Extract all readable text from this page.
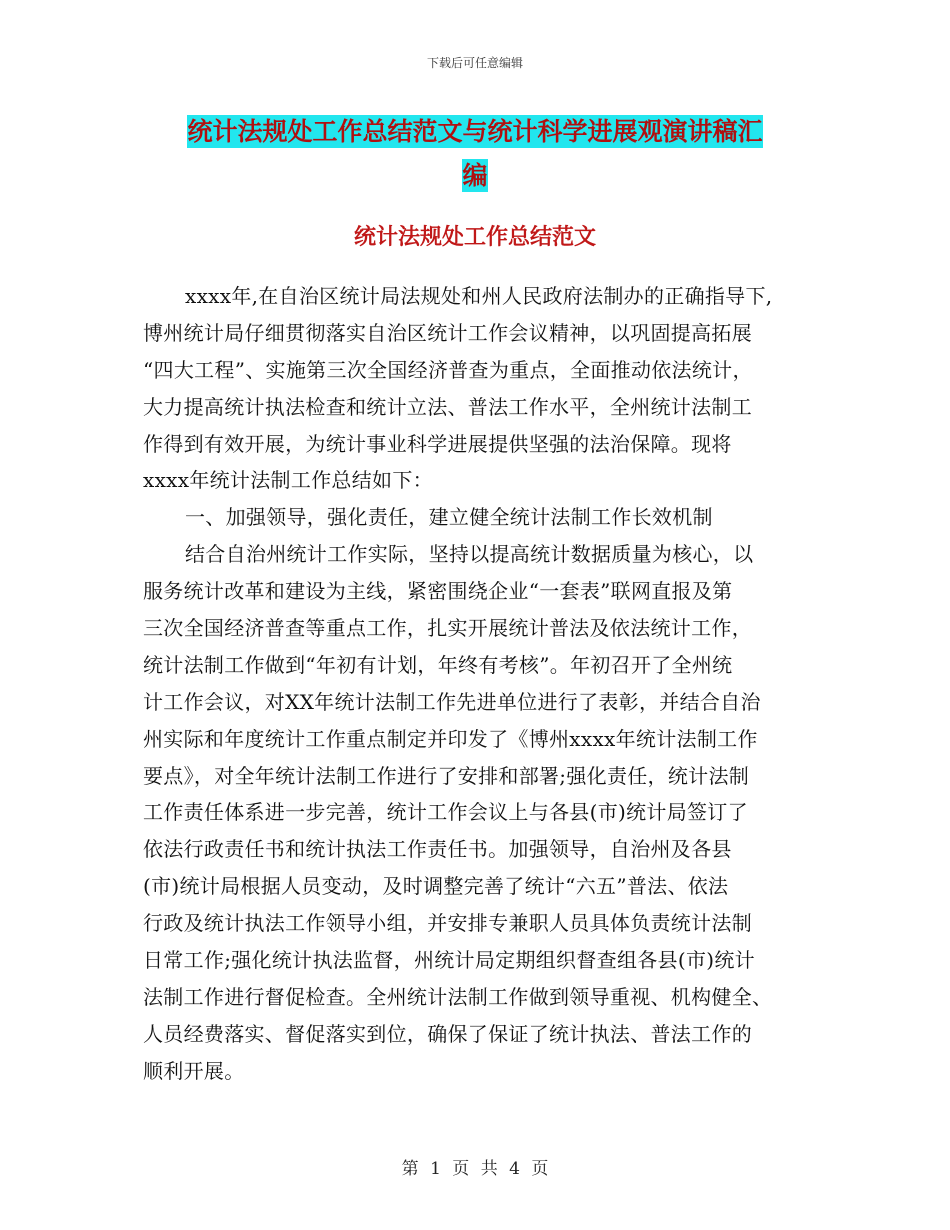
下载后可任意编辑
统计法规处工作总结范文与统计科学进展观演讲稿汇
编
统计法规处工作总结范文
xxxx年,在自治区统计局法规处和州人民政府法制办的正确指导下,
博州统计局仔细贯彻落实自治区统计工作会议精神，以巩固提高拓展
“四大工程”、实施第三次全国经济普查为重点，全面推动依法统计，
大力提高统计执法检查和统计立法、普法工作水平，全州统计法制工
作得到有效开展，为统计事业科学进展提供坚强的法治保障。现将
xxxx年统计法制工作总结如下：
一、加强领导，强化责任，建立健全统计法制工作长效机制
结合自治州统计工作实际，坚持以提高统计数据质量为核心，以
服务统计改革和建设为主线，紧密围绕企业“一套表”联网直报及第
三次全国经济普查等重点工作，扎实开展统计普法及依法统计工作，
统计法制工作做到“年初有计划，年终有考核”。年初召开了全州统
计工作会议，对XX年统计法制工作先进单位进行了表彰，并结合自治
州实际和年度统计工作重点制定并印发了《博州xxxx年统计法制工作
要点》，对全年统计法制工作进行了安排和部署;强化责任，统计法制
工作责任体系进一步完善，统计工作会议上与各县(市)统计局签订了
依法行政责任书和统计执法工作责任书。加强领导，自治州及各县
(市)统计局根据人员变动，及时调整完善了统计“六五”普法、依法
行政及统计执法工作领导小组，并安排专兼职人员具体负责统计法制
日常工作;强化统计执法监督，州统计局定期组织督查组各县(市)统计
法制工作进行督促检查。全州统计法制工作做到领导重视、机构健全、
人员经费落实、督促落实到位，确保了保证了统计执法、普法工作的
顺利开展。
第 1 页 共 4 页
